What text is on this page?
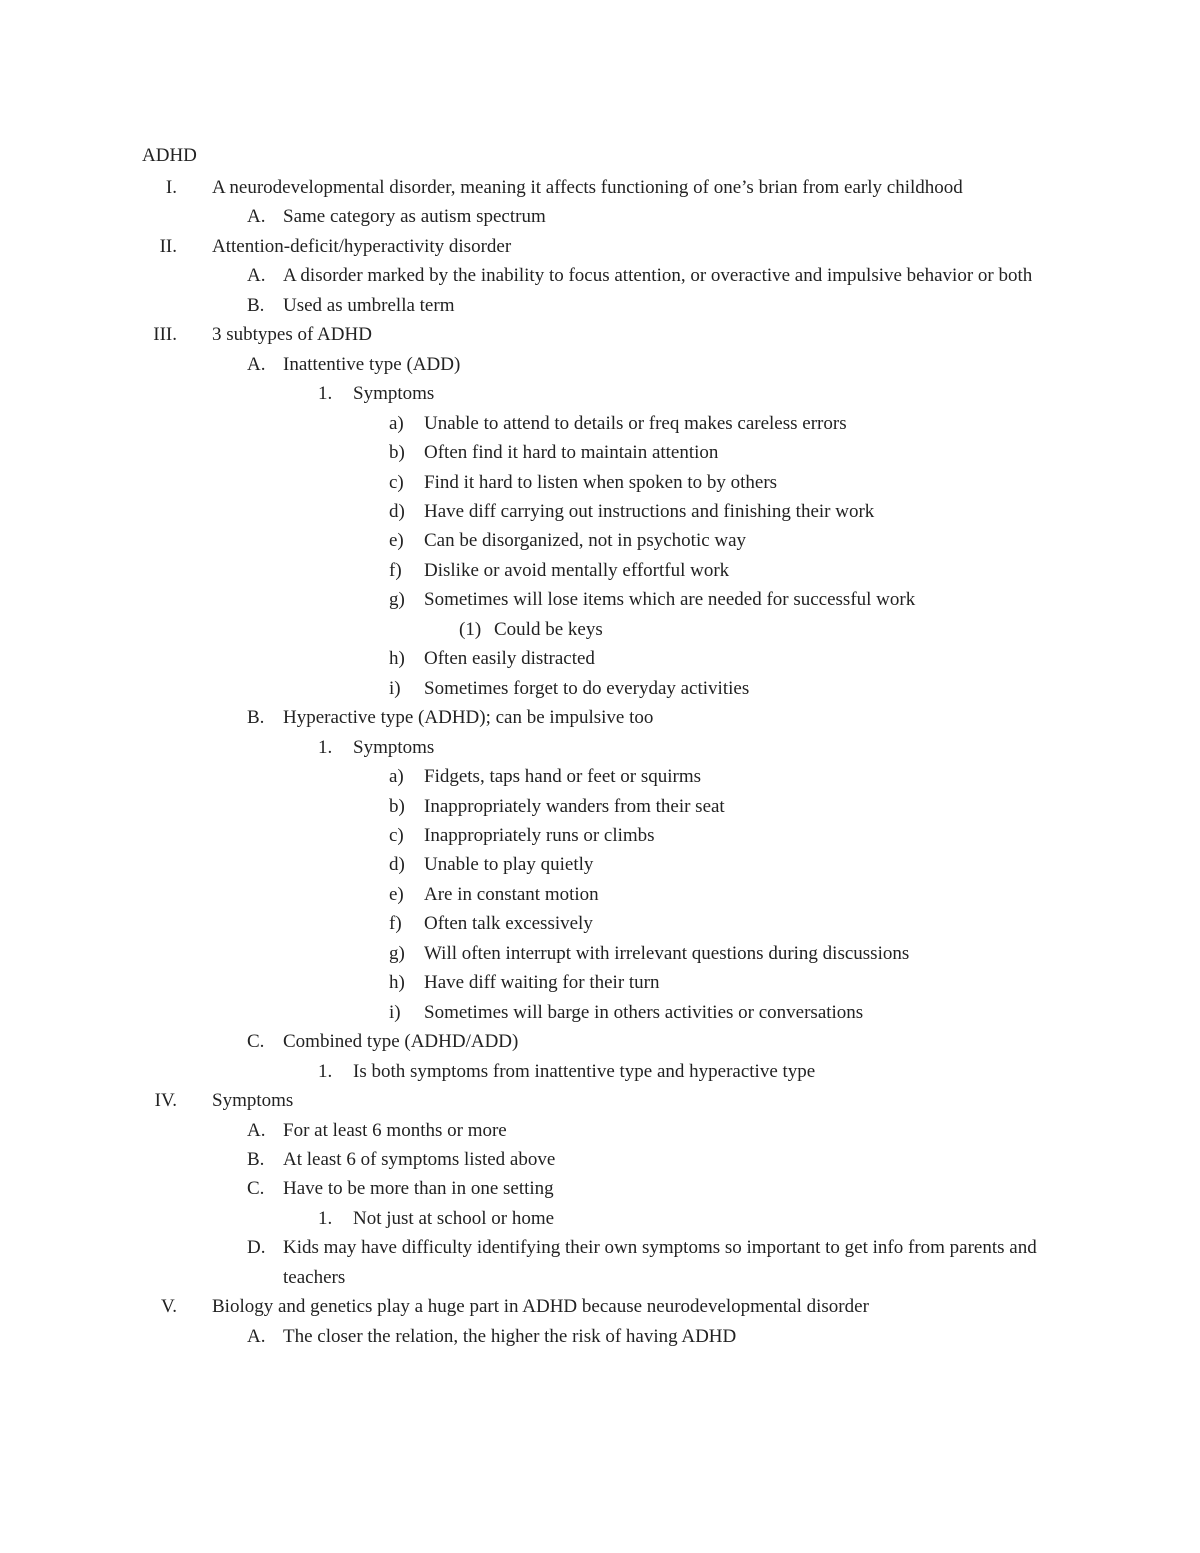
ADHD
I. A neurodevelopmental disorder, meaning it affects functioning of one’s brian from early childhood
A. Same category as autism spectrum
II. Attention-deficit/hyperactivity disorder
A. A disorder marked by the inability to focus attention, or overactive and impulsive behavior or both
B. Used as umbrella term
III. 3 subtypes of ADHD
A. Inattentive type (ADD)
1. Symptoms
a) Unable to attend to details or freq makes careless errors
b) Often find it hard to maintain attention
c) Find it hard to listen when spoken to by others
d) Have diff carrying out instructions and finishing their work
e) Can be disorganized, not in psychotic way
f) Dislike or avoid mentally effortful work
g) Sometimes will lose items which are needed for successful work
(1) Could be keys
h) Often easily distracted
i) Sometimes forget to do everyday activities
B. Hyperactive type (ADHD); can be impulsive too
1. Symptoms
a) Fidgets, taps hand or feet or squirms
b) Inappropriately wanders from their seat
c) Inappropriately runs or climbs
d) Unable to play quietly
e) Are in constant motion
f) Often talk excessively
g) Will often interrupt with irrelevant questions during discussions
h) Have diff waiting for their turn
i) Sometimes will barge in others activities or conversations
C. Combined type (ADHD/ADD)
1. Is both symptoms from inattentive type and hyperactive type
IV. Symptoms
A. For at least 6 months or more
B. At least 6 of symptoms listed above
C. Have to be more than in one setting
1. Not just at school or home
D. Kids may have difficulty identifying their own symptoms so important to get info from parents and teachers
V. Biology and genetics play a huge part in ADHD because neurodevelopmental disorder
A. The closer the relation, the higher the risk of having ADHD
